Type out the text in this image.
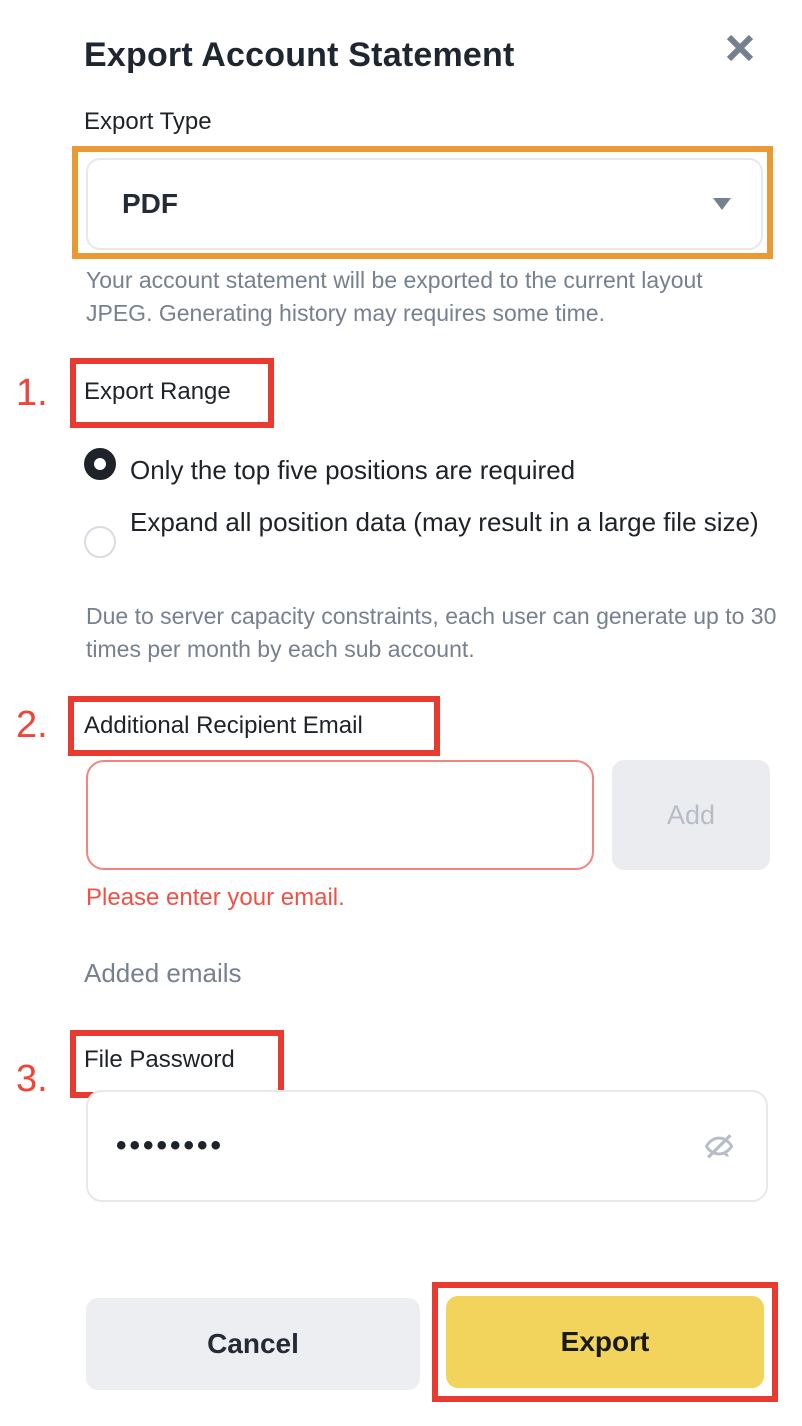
Export Account Statement
Export Type
PDF
Your account statement will be exported to the current layout JPEG. Generating history may requires some time.
1. Export Range
Only the top five positions are required
Expand all position data (may result in a large file size)
Due to server capacity constraints, each user can generate up to 30 times per month by each sub account.
2. Additional Recipient Email
Add
Please enter your email.
Added emails
3. File Password
••••••••
Cancel	Export
